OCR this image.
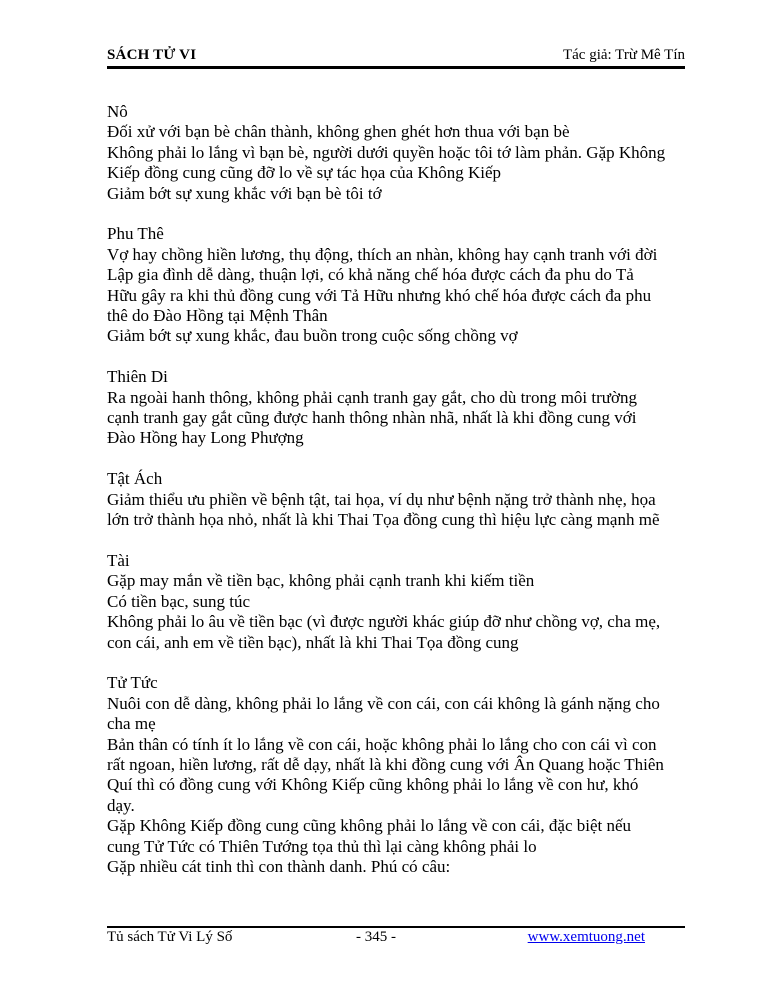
SÁCH TỬ VI	Tác giả: Trừ Mê Tín

Nô

Đối xử với bạn bè chân thành, không ghen ghét hơn thua với bạn bè

Không phải lo lắng vì bạn bè, người dưới quyền hoặc tôi tớ làm phản. Gặp Không

Kiếp đồng cung cũng đỡ lo về sự tác họa của Không Kiếp

Giảm bớt sự xung khắc với bạn bè tôi tớ

Phu Thê

Vợ hay chồng hiền lương, thụ động, thích an nhàn, không hay cạnh tranh với đời

Lập gia đình dễ dàng, thuận lợi, có khả năng chế hóa được cách đa phu do Tả

Hữu gây ra khi thủ đồng cung với Tả Hữu nhưng khó chế hóa được cách đa phu

thê do Đào Hồng tại Mệnh Thân

Giảm bớt sự xung khắc, đau buồn trong cuộc sống chồng vợ

Thiên Di

Ra ngoài hanh thông, không phải cạnh tranh gay gắt, cho dù trong môi trường

cạnh tranh gay gắt cũng được hanh thông nhàn nhã, nhất là khi đồng cung với

Đào Hồng hay Long Phượng

Tật Ách

Giảm thiểu ưu phiền về bệnh tật, tai họa, ví dụ như bệnh nặng trở thành nhẹ, họa

lớn trở thành họa nhỏ, nhất là khi Thai Tọa đồng cung thì hiệu lực càng mạnh mẽ

Tài

Gặp may mắn về tiền bạc, không phải cạnh tranh khi kiếm tiền

Có tiền bạc, sung túc

Không phải lo âu về tiền bạc (vì được người khác giúp đỡ như chồng vợ, cha mẹ,

con cái, anh em về tiền bạc), nhất là khi Thai Tọa đồng cung

Tử Tức

Nuôi con dễ dàng, không phải lo lắng về con cái, con cái không là gánh nặng cho

cha mẹ

Bản thân có tính ít lo lắng về con cái, hoặc không phải lo lắng cho con cái vì con

rất ngoan, hiền lương, rất dễ dạy, nhất là khi đồng cung với Ân Quang hoặc Thiên

Quí thì có đồng cung với Không Kiếp cũng không phải lo lắng về con hư, khó

dạy.

Gặp Không Kiếp đồng cung cũng không phải lo lắng về con cái, đặc biệt nếu

cung Tử Tức có Thiên Tướng tọa thủ thì lại càng không phải lo

Gặp nhiều cát tinh thì con thành danh. Phú có câu:

Tủ sách Tử Vi Lý Số	- 345 -	www.xemtuong.net
